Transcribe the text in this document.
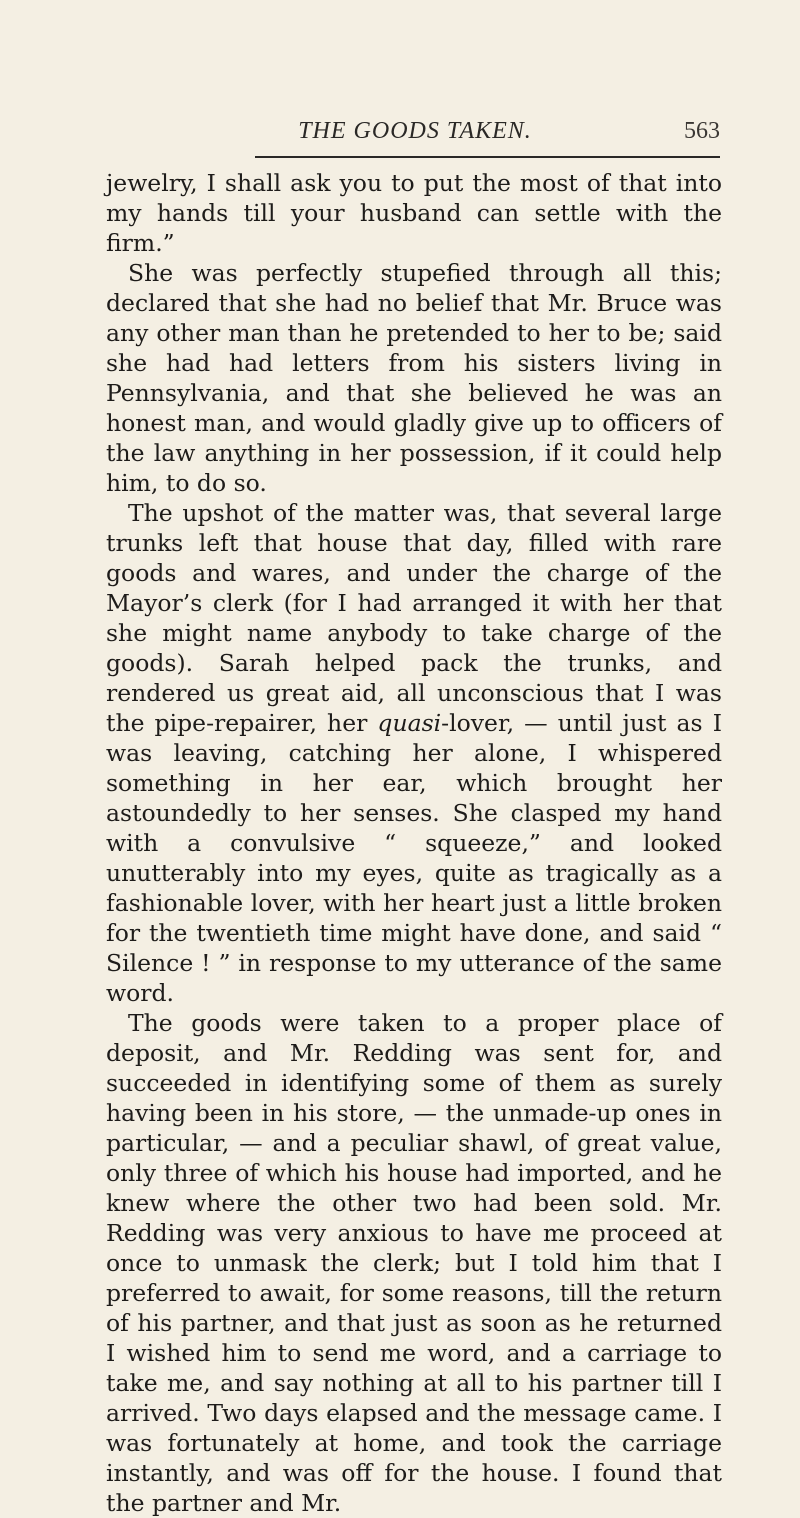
THE GOODS TAKEN.	563

jewelry, I shall ask you to put the most of that into my hands till your husband can settle with the firm.”

She was perfectly stupefied through all this; declared that she had no belief that Mr. Bruce was any other man than he pretended to her to be; said she had had letters from his sisters living in Pennsylvania, and that she believed he was an honest man, and would gladly give up to officers of the law anything in her possession, if it could help him, to do so.

The upshot of the matter was, that several large trunks left that house that day, filled with rare goods and wares, and under the charge of the Mayor’s clerk (for I had arranged it with her that she might name anybody to take charge of the goods). Sarah helped pack the trunks, and rendered us great aid, all unconscious that I was the pipe-repairer, her quasi-lover, — until just as I was leaving, catching her alone, I whispered something in her ear, which brought her astoundedly to her senses. She clasped my hand with a convulsive “ squeeze,” and looked unutterably into my eyes, quite as tragically as a fashionable lover, with her heart just a little broken for the twentieth time might have done, and said “ Silence ! ” in response to my utterance of the same word.

The goods were taken to a proper place of deposit, and Mr. Redding was sent for, and succeeded in identifying some of them as surely having been in his store, — the unmade-up ones in particular, — and a peculiar shawl, of great value, only three of which his house had imported, and he knew where the other two had been sold. Mr. Redding was very anxious to have me proceed at once to unmask the clerk; but I told him that I preferred to await, for some reasons, till the return of his partner, and that just as soon as he returned I wished him to send me word, and a carriage to take me, and say nothing at all to his partner till I arrived. Two days elapsed and the message came. I was fortunately at home, and took the carriage instantly, and was off for the house. I found that the partner and Mr.
